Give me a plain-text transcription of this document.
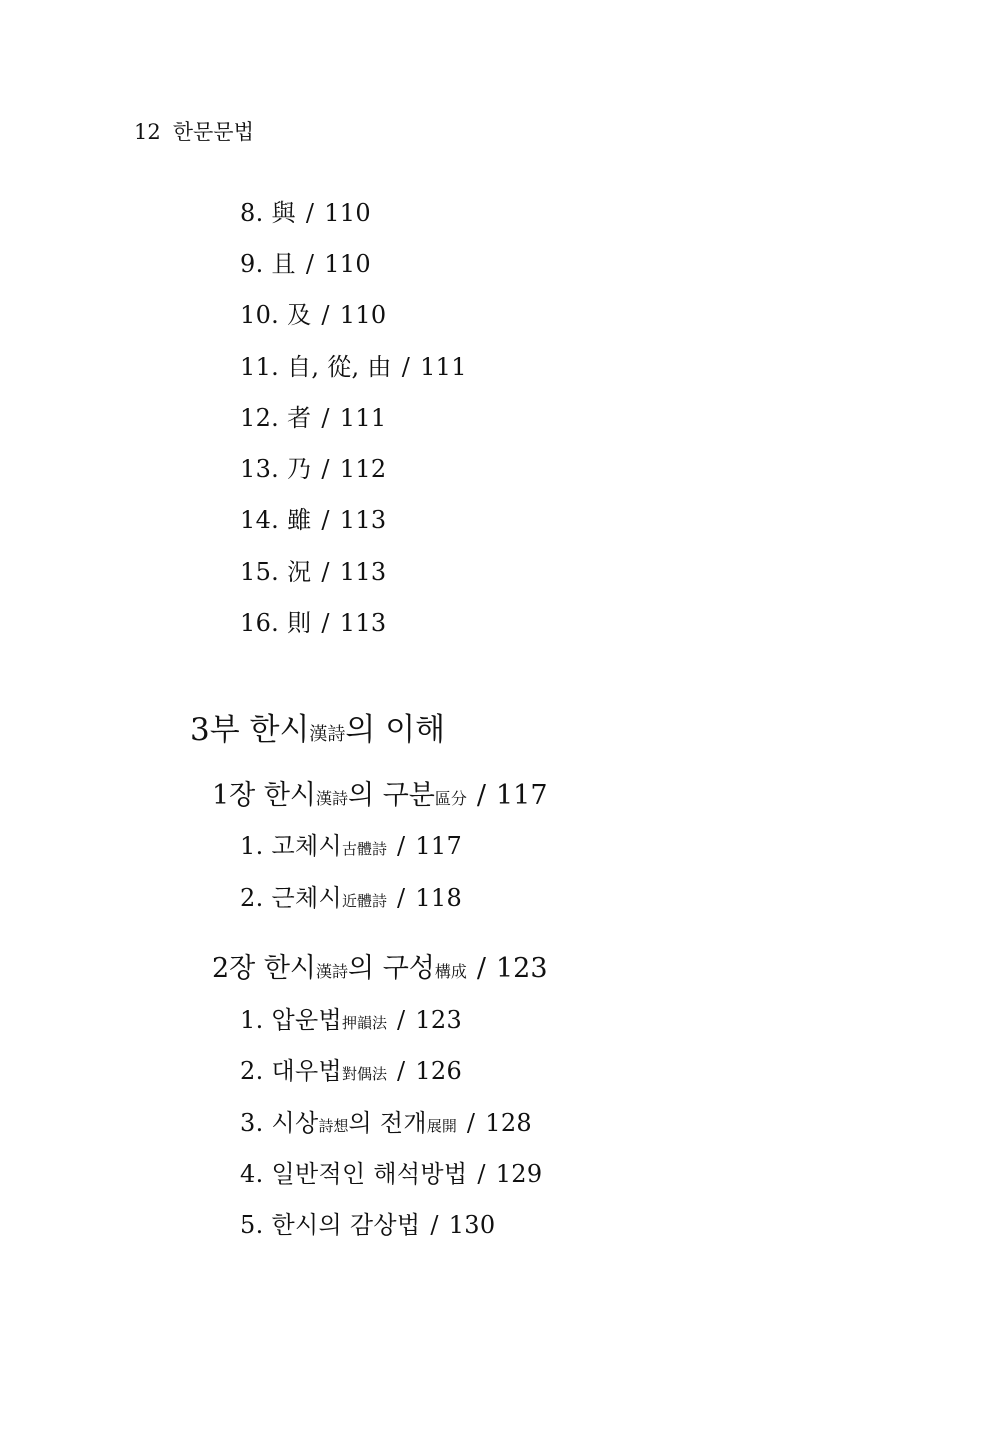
12 한문문법
8. 與 / 110
9. 且 / 110
10. 及 / 110
11. 自, 從, 由 / 111
12. 者 / 111
13. 乃 / 112
14. 雖 / 113
15. 況 / 113
16. 則 / 113
3부 한시漢詩의 이해
1장 한시漢詩의 구분區分 / 117
1. 고체시古體詩 / 117
2. 근체시近體詩 / 118
2장 한시漢詩의 구성構成 / 123
1. 압운법押韻法 / 123
2. 대우법對偶法 / 126
3. 시상詩想의 전개展開 / 128
4. 일반적인 해석방법 / 129
5. 한시의 감상법 / 130
